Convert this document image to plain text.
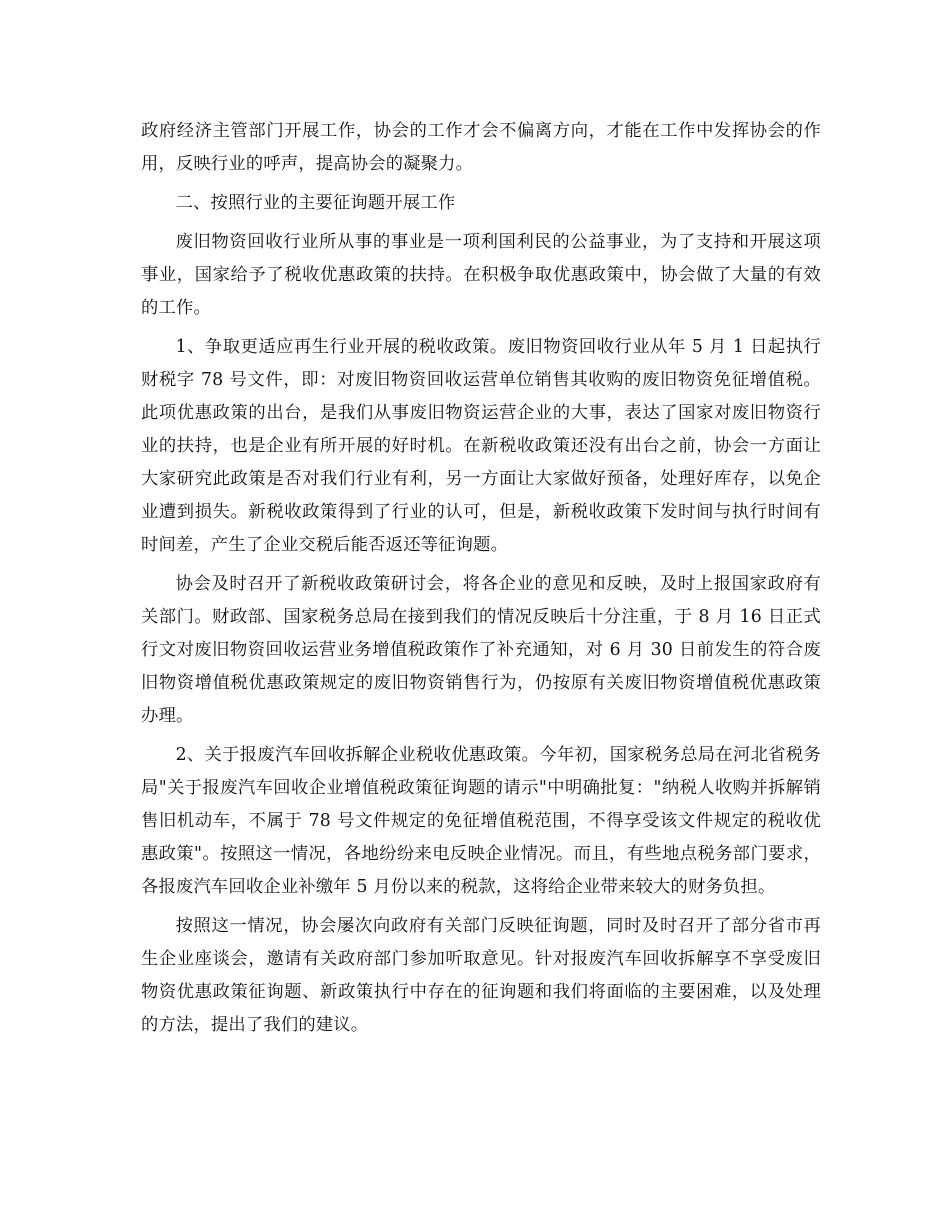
政府经济主管部门开展工作，协会的工作才会不偏离方向，才能在工作中发挥协会的作用，反映行业的呼声，提高协会的凝聚力。

二、按照行业的主要征询题开展工作

废旧物资回收行业所从事的事业是一项利国利民的公益事业，为了支持和开展这项事业，国家给予了税收优惠政策的扶持。在积极争取优惠政策中，协会做了大量的有效的工作。

1、争取更适应再生行业开展的税收政策。废旧物资回收行业从年 5 月 1 日起执行财税字 78 号文件，即：对废旧物资回收运营单位销售其收购的废旧物资免征增值税。此项优惠政策的出台，是我们从事废旧物资运营企业的大事，表达了国家对废旧物资行业的扶持，也是企业有所开展的好时机。在新税收政策还没有出台之前，协会一方面让大家研究此政策是否对我们行业有利，另一方面让大家做好预备，处理好库存，以免企业遭到损失。新税收政策得到了行业的认可，但是，新税收政策下发时间与执行时间有时间差，产生了企业交税后能否返还等征询题。

协会及时召开了新税收政策研讨会，将各企业的意见和反映，及时上报国家政府有关部门。财政部、国家税务总局在接到我们的情况反映后十分注重，于 8 月 16 日正式行文对废旧物资回收运营业务增值税政策作了补充通知，对 6 月 30 日前发生的符合废旧物资增值税优惠政策规定的废旧物资销售行为，仍按原有关废旧物资增值税优惠政策办理。

2、关于报废汽车回收拆解企业税收优惠政策。今年初，国家税务总局在河北省税务局"关于报废汽车回收企业增值税政策征询题的请示"中明确批复："纳税人收购并拆解销售旧机动车，不属于 78 号文件规定的免征增值税范围，不得享受该文件规定的税收优惠政策"。按照这一情况，各地纷纷来电反映企业情况。而且，有些地点税务部门要求，各报废汽车回收企业补缴年 5 月份以来的税款，这将给企业带来较大的财务负担。

按照这一情况，协会屡次向政府有关部门反映征询题，同时及时召开了部分省市再生企业座谈会，邀请有关政府部门参加听取意见。针对报废汽车回收拆解享不享受废旧物资优惠政策征询题、新政策执行中存在的征询题和我们将面临的主要困难，以及处理的方法，提出了我们的建议。
